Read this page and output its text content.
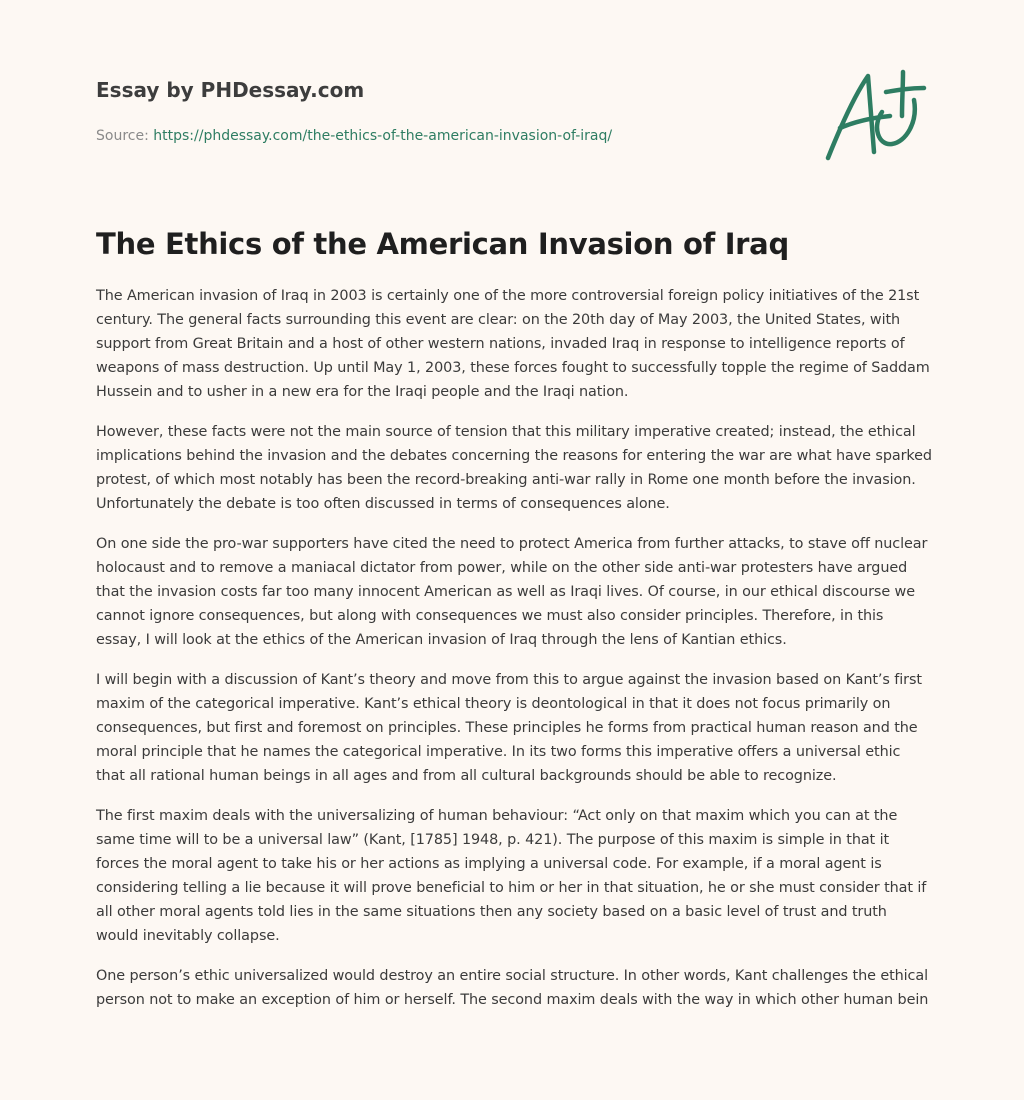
Essay by PHDessay.com
Source: https://phdessay.com/the-ethics-of-the-american-invasion-of-iraq/
The Ethics of the American Invasion of Iraq

The American invasion of Iraq in 2003 is certainly one of the more controversial foreign policy initiatives of the 21st century. The general facts surrounding this event are clear: on the 20th day of May 2003, the United States, with support from Great Britain and a host of other western nations, invaded Iraq in response to intelligence reports of weapons of mass destruction. Up until May 1, 2003, these forces fought to successfully topple the regime of Saddam Hussein and to usher in a new era for the Iraqi people and the Iraqi nation.

However, these facts were not the main source of tension that this military imperative created; instead, the ethical implications behind the invasion and the debates concerning the reasons for entering the war are what have sparked protest, of which most notably has been the record-breaking anti-war rally in Rome one month before the invasion. Unfortunately the debate is too often discussed in terms of consequences alone.

On one side the pro-war supporters have cited the need to protect America from further attacks, to stave off nuclear holocaust and to remove a maniacal dictator from power, while on the other side anti-war protesters have argued that the invasion costs far too many innocent American as well as Iraqi lives. Of course, in our ethical discourse we cannot ignore consequences, but along with consequences we must also consider principles. Therefore, in this essay, I will look at the ethics of the American invasion of Iraq through the lens of Kantian ethics.

I will begin with a discussion of Kant’s theory and move from this to argue against the invasion based on Kant’s first maxim of the categorical imperative. Kant’s ethical theory is deontological in that it does not focus primarily on consequences, but first and foremost on principles. These principles he forms from practical human reason and the moral principle that he names the categorical imperative. In its two forms this imperative offers a universal ethic that all rational human beings in all ages and from all cultural backgrounds should be able to recognize.

The first maxim deals with the universalizing of human behaviour: “Act only on that maxim which you can at the same time will to be a universal law” (Kant, [1785] 1948, p. 421). The purpose of this maxim is simple in that it forces the moral agent to take his or her actions as implying a universal code. For example, if a moral agent is considering telling a lie because it will prove beneficial to him or her in that situation, he or she must consider that if all other moral agents told lies in the same situations then any society based on a basic level of trust and truth would inevitably collapse.

One person’s ethic universalized would destroy an entire social structure. In other words, Kant challenges the ethical person not to make an exception of him or herself. The second maxim deals with the way in which other human bein
